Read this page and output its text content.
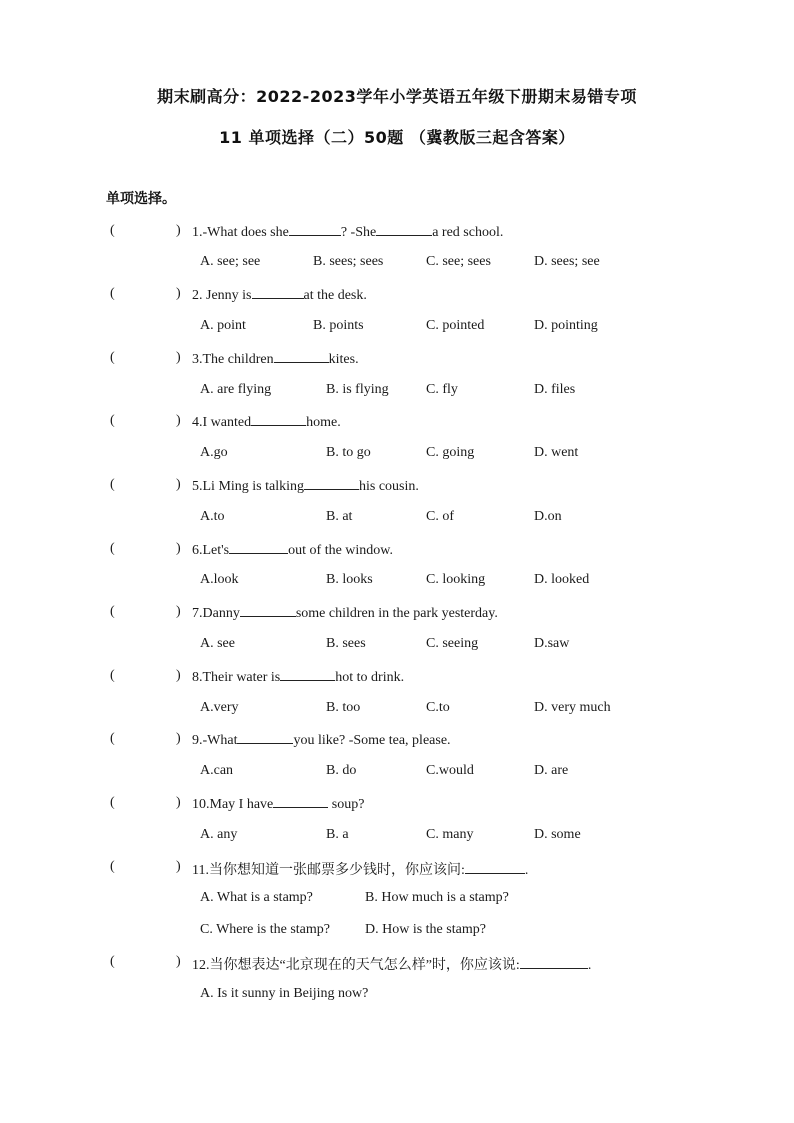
期末刷高分：2022-2023学年小学英语五年级下册期末易错专项
11 单项选择（二）50题 （冀教版三起含答案）
单项选择。
(	) 1.-What does she	? -She	a red school.
A. see; see	B. sees; sees	C. see; sees	D. sees; see
(	) 2. Jenny is	at the desk.
A. point	B. points	C. pointed	D. pointing
(	) 3.The children	kites.
A. are flying	B. is flying	C. fly	D. files
(	) 4.I wanted	home.
A.go	B. to go	C. going	D. went
(	) 5.Li Ming is talking	his cousin.
A.to	B. at	C. of	D.on
(	) 6.Let's	out of the window.
A.look	B. looks	C. looking	D. looked
(	) 7.Danny	some children in the park yesterday.
A. see	B. sees	C. seeing	D.saw
(	) 8.Their water is	hot to drink.
A.very	B. too	C.to	D. very much
(	) 9.-What	you like? -Some tea, please.
A.can	B. do	C.would	D. are
(	) 10.May I have	soup?
A. any	B. a	C. many	D. some
(	) 11.当你想知道一张邮票多少钱时，你应该问:	.
A. What is a stamp?	B. How much is a stamp?
C. Where is the stamp?	D. How is the stamp?
(	) 12.当你想表达“北京现在的天气怎么样”时，你应该说:	.
A. Is it sunny in Beijing now?
